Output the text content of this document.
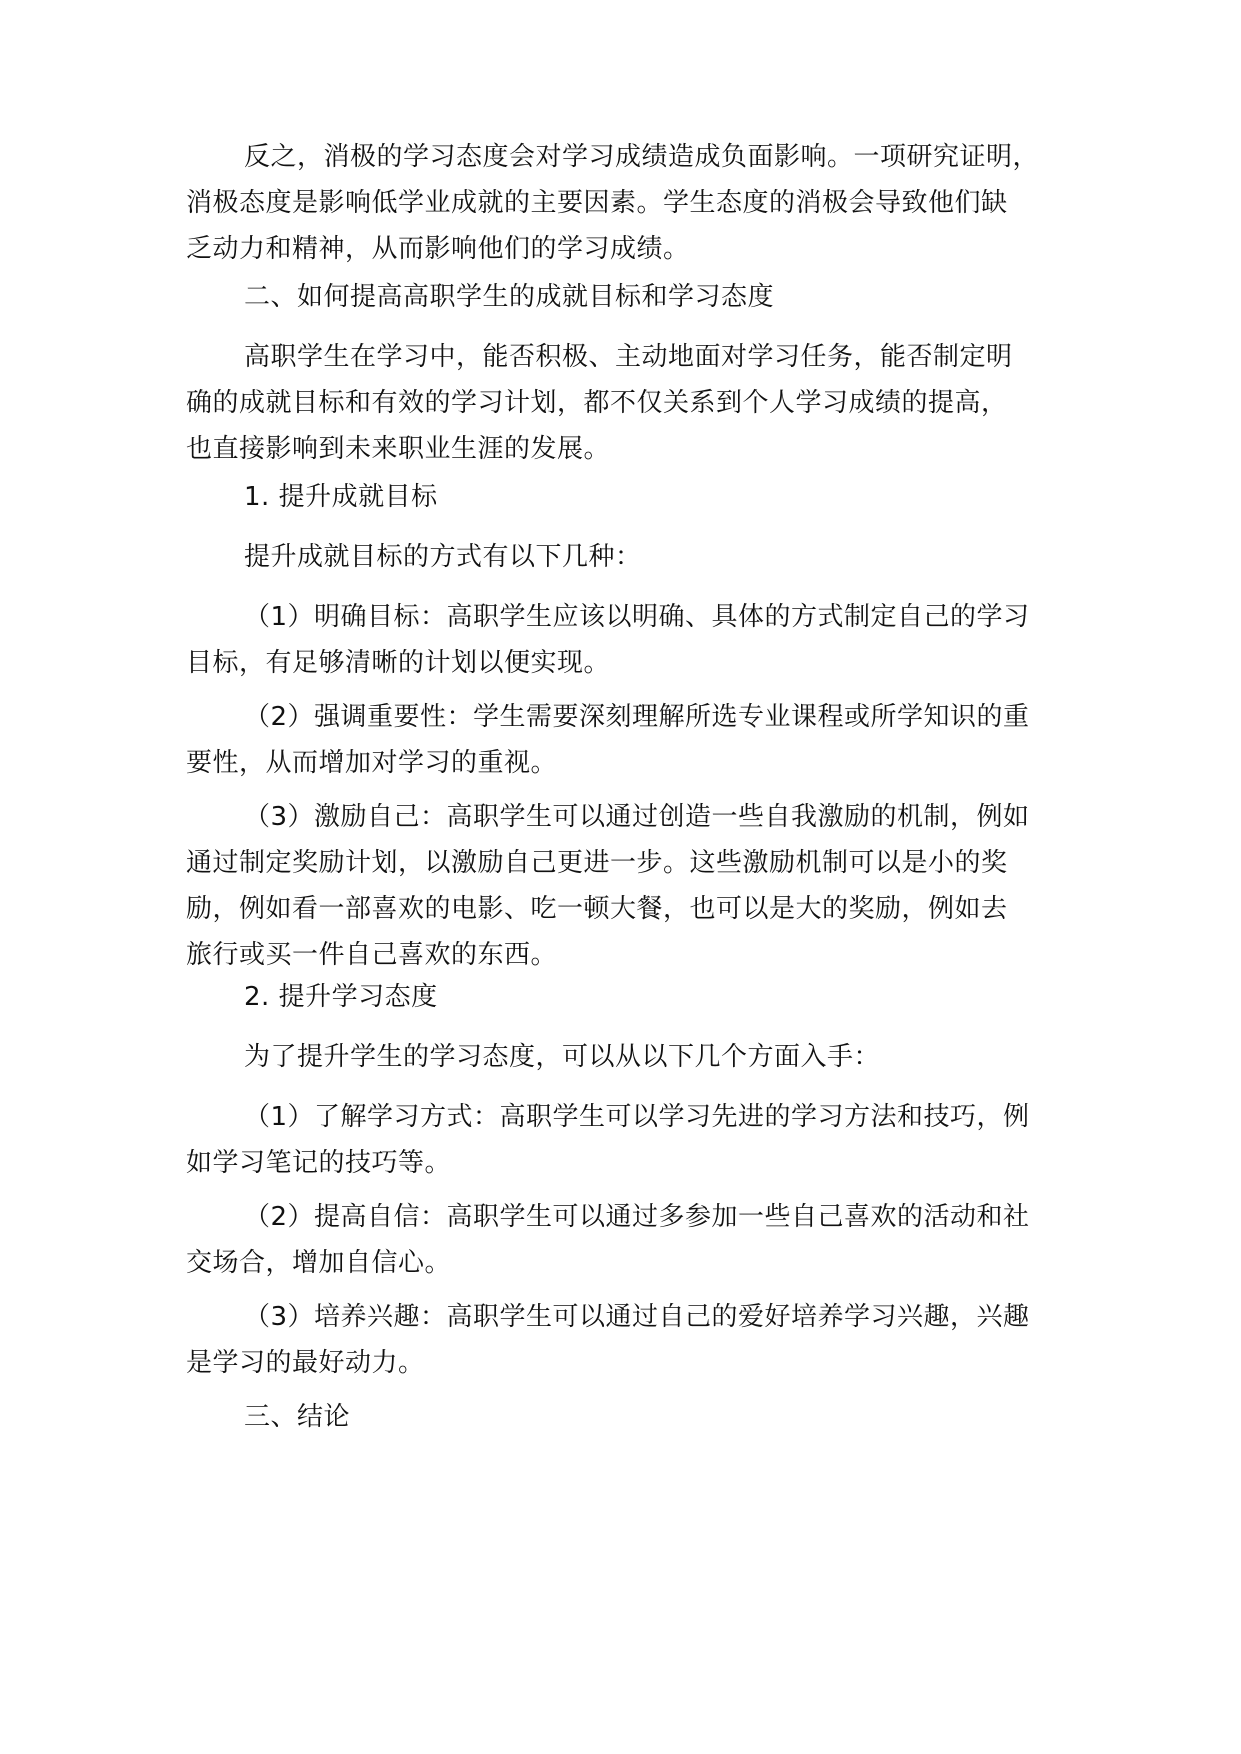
反之，消极的学习态度会对学习成绩造成负面影响。一项研究证明，
消极态度是影响低学业成就的主要因素。学生态度的消极会导致他们缺
乏动力和精神，从而影响他们的学习成绩。
二、如何提高高职学生的成就目标和学习态度
高职学生在学习中，能否积极、主动地面对学习任务，能否制定明
确的成就目标和有效的学习计划，都不仅关系到个人学习成绩的提高，
也直接影响到未来职业生涯的发展。
1. 提升成就目标
提升成就目标的方式有以下几种：
（1）明确目标：高职学生应该以明确、具体的方式制定自己的学习
目标，有足够清晰的计划以便实现。
（2）强调重要性：学生需要深刻理解所选专业课程或所学知识的重
要性，从而增加对学习的重视。
（3）激励自己：高职学生可以通过创造一些自我激励的机制，例如
通过制定奖励计划，以激励自己更进一步。这些激励机制可以是小的奖
励，例如看一部喜欢的电影、吃一顿大餐，也可以是大的奖励，例如去
旅行或买一件自己喜欢的东西。
2. 提升学习态度
为了提升学生的学习态度，可以从以下几个方面入手：
（1）了解学习方式：高职学生可以学习先进的学习方法和技巧，例
如学习笔记的技巧等。
（2）提高自信：高职学生可以通过多参加一些自己喜欢的活动和社
交场合，增加自信心。
（3）培养兴趣：高职学生可以通过自己的爱好培养学习兴趣，兴趣
是学习的最好动力。
三、结论
